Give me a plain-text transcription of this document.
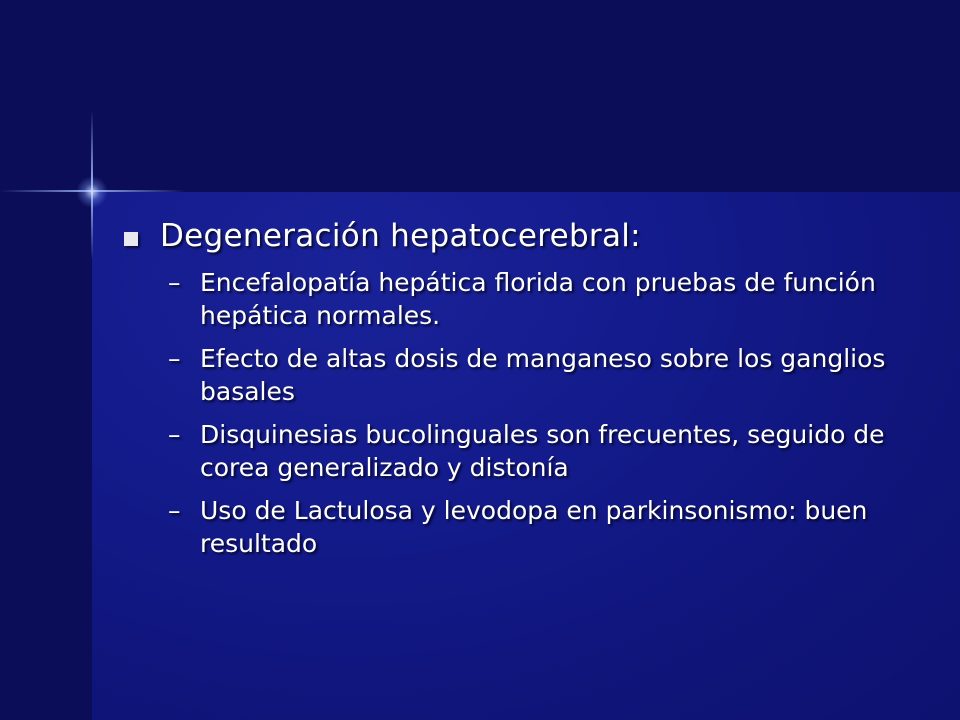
Degeneración hepatocerebral:
– Encefalopatía hepática florida con pruebas de función hepática normales.
– Efecto de altas dosis de manganeso sobre los ganglios basales
– Disquinesias bucolinguales son frecuentes, seguido de corea generalizado y distonía
– Uso de Lactulosa y levodopa en parkinsonismo: buen resultado
